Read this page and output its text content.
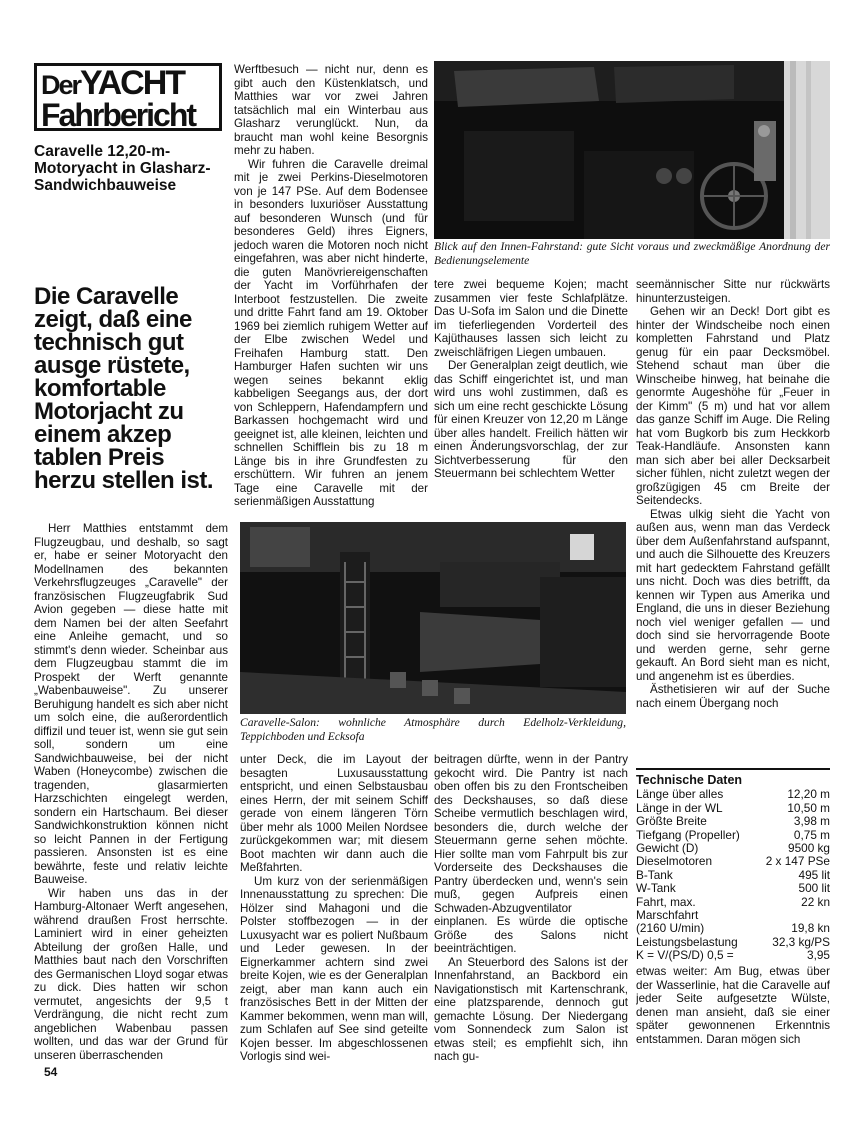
DerYACHT
Fahrbericht
Caravelle 12,20-m-Motoryacht in Glasharz-Sandwichbauweise
Die Caravelle zeigt, daß eine technisch gut ausge rüstete, komfortable Motorjacht zu einem akzep tablen Preis herzu stellen ist.

Herr Matthies entstammt dem Flugzeugbau, und deshalb, so sagt er, habe er seiner Motoryacht den Modellnamen des bekannten Verkehrsflugzeuges „Caravelle" der französischen Flugzeugfabrik Sud Avion gegeben — diese hatte mit dem Namen bei der alten Seefahrt eine Anleihe gemacht, und so stimmt's denn wieder. Scheinbar aus dem Flugzeugbau stammt die im Prospekt der Werft genannte „Wabenbauweise". Zu unserer Beruhigung handelt es sich aber nicht um solch eine, die außerordentlich diffizil und teuer ist, wenn sie gut sein soll, sondern um eine Sandwichbauweise, bei der nicht Waben (Honeycombe) zwischen die tragenden, glasarmierten Harzschichten eingelegt werden, sondern ein Hartschaum. Bei dieser Sandwichkonstruktion können nicht so leicht Pannen in der Fertigung passieren. Ansonsten ist es eine bewährte, feste und relativ leichte Bauweise.

Wir haben uns das in der Hamburg-Altonaer Werft angesehen, während draußen Frost herrschte. Laminiert wird in einer geheizten Abteilung der großen Halle, und Matthies baut nach den Vorschriften des Germanischen Lloyd sogar etwas zu dick. Dies hatten wir schon vermutet, angesichts der 9,5 t Verdrängung, die nicht recht zum angeblichen Wabenbau passen wollten, und das war der Grund für unseren überraschenden

Werftbesuch — nicht nur, denn es gibt auch den Küstenklatsch, und Matthies war vor zwei Jahren tatsächlich mal ein Winterbau aus Glasharz verunglückt. Nun, da braucht man wohl keine Besorgnis mehr zu haben.

Wir fuhren die Caravelle dreimal mit je zwei Perkins-Dieselmotoren von je 147 PSe. Auf dem Bodensee in besonders luxuriöser Ausstattung auf besonderen Wunsch (und für besonderes Geld) ihres Eigners, jedoch waren die Motoren noch nicht eingefahren, was aber nicht hinderte, die guten Manövriereigenschaften der Yacht im Vorführhafen der Interboot festzustellen. Die zweite und dritte Fahrt fand am 19. Oktober 1969 bei ziemlich ruhigem Wetter auf der Elbe zwischen Wedel und Freihafen Hamburg statt. Den Hamburger Hafen suchten wir uns wegen seines bekannt eklig kabbeligen Seegangs aus, der dort von Schleppern, Hafendampfern und Barkassen hochgemacht wird und geeignet ist, alle kleinen, leichten und schnellen Schifflein bis zu 18 m Länge bis in ihre Grundfesten zu erschüttern. Wir fuhren an jenem Tage eine Caravelle mit der serienmäßigen Ausstattung

Blick auf den Innen-Fahrstand: gute Sicht voraus und zweckmäßige Anordnung der Bedienungselemente

tere zwei bequeme Kojen; macht zusammen vier feste Schlafplätze. Das U-Sofa im Salon und die Dinette im tieferliegenden Vorderteil des Kajüthauses lassen sich leicht zu zweischläfrigen Liegen umbauen.

Der Generalplan zeigt deutlich, wie das Schiff eingerichtet ist, und man wird uns wohl zustimmen, daß es sich um eine recht geschickte Lösung für einen Kreuzer von 12,20 m Länge über alles handelt. Freilich hätten wir einen Änderungsvorschlag, der zur Sichtverbesserung für den Steuermann bei schlechtem Wetter

seemännischer Sitte nur rückwärts hinunterzusteigen.

Gehen wir an Deck! Dort gibt es hinter der Windscheibe noch einen kompletten Fahrstand und Platz genug für ein paar Decksmöbel. Stehend schaut man über die Winscheibe hinweg, hat beinahe die genormte Augeshöhe für „Feuer in der Kimm" (5 m) und hat vor allem das ganze Schiff im Auge. Die Reling hat vom Bugkorb bis zum Heckkorb Teak-Handläufe. Ansonsten kann man sich aber bei aller Decksarbeit sicher fühlen, nicht zuletzt wegen der großzügigen 45 cm Breite der Seitendecks.

Etwas ulkig sieht die Yacht von außen aus, wenn man das Verdeck über dem Außenfahrstand aufspannt, und auch die Silhouette des Kreuzers mit hart gedecktem Fahrstand gefällt uns nicht. Doch was dies betrifft, da kennen wir Typen aus Amerika und England, die uns in dieser Beziehung noch viel weniger gefallen — und doch sind sie hervorragende Boote und werden gerne, sehr gerne gekauft. An Bord sieht man es nicht, und angenehm ist es überdies.

Ästhetisieren wir auf der Suche nach einem Übergang noch

Caravelle-Salon: wohnliche Atmosphäre durch Edelholz-Verkleidung, Teppichboden und Ecksofa

unter Deck, die im Layout der besagten Luxusausstattung entspricht, und einen Selbstausbau eines Herrn, der mit seinem Schiff gerade von einem längeren Törn über mehr als 1000 Meilen Nordsee zurückgekommen war; mit diesem Boot machten wir dann auch die Meßfahrten.

Um kurz von der serienmäßigen Innenausstattung zu sprechen: Die Hölzer sind Mahagoni und die Polster stoffbezogen — in der Luxusyacht war es poliert Nußbaum und Leder gewesen. In der Eignerkammer achtern sind zwei breite Kojen, wie es der Generalplan zeigt, aber man kann auch ein französisches Bett in der Mitten der Kammer bekommen, wenn man will, zum Schlafen auf See sind geteilte Kojen besser. Im abgeschlossenen Vorlogis sind wei-

beitragen dürfte, wenn in der Pantry gekocht wird. Die Pantry ist nach oben offen bis zu den Frontscheiben des Deckshauses, so daß diese Scheibe vermutlich beschlagen wird, besonders die, durch welche der Steuermann gerne sehen möchte. Hier sollte man vom Fahrpult bis zur Vorderseite des Deckshauses die Pantry überdecken und, wenn's sein muß, gegen Aufpreis einen Schwaden-Abzugventilator einplanen. Es würde die optische Größe des Salons nicht beeinträchtigen.

An Steuerbord des Salons ist der Innenfahrstand, an Backbord ein Navigationstisch mit Kartenschrank, eine platzsparende, dennoch gut gemachte Lösung. Der Niedergang vom Sonnendeck zum Salon ist etwas steil; es empfiehlt sich, ihn nach gu-

Technische Daten
Länge über alles	12,20 m
Länge in der WL	10,50 m
Größte Breite	3,98 m
Tiefgang (Propeller)	0,75 m
Gewicht (D)	9500 kg
Dieselmotoren	2 x 147 PSe
B-Tank	495 lit
W-Tank	500 lit
Fahrt, max.	22 kn
Marschfahrt
(2160 U/min)	19,8 kn
Leistungsbelastung	32,3 kg/PS
K = V/(PS/D) 0,5 =	3,95

etwas weiter: Am Bug, etwas über der Wasserlinie, hat die Caravelle auf jeder Seite aufgesetzte Wülste, denen man ansieht, daß sie einer später gewonnenen Erkenntnis entstammen. Daran mögen sich

54
